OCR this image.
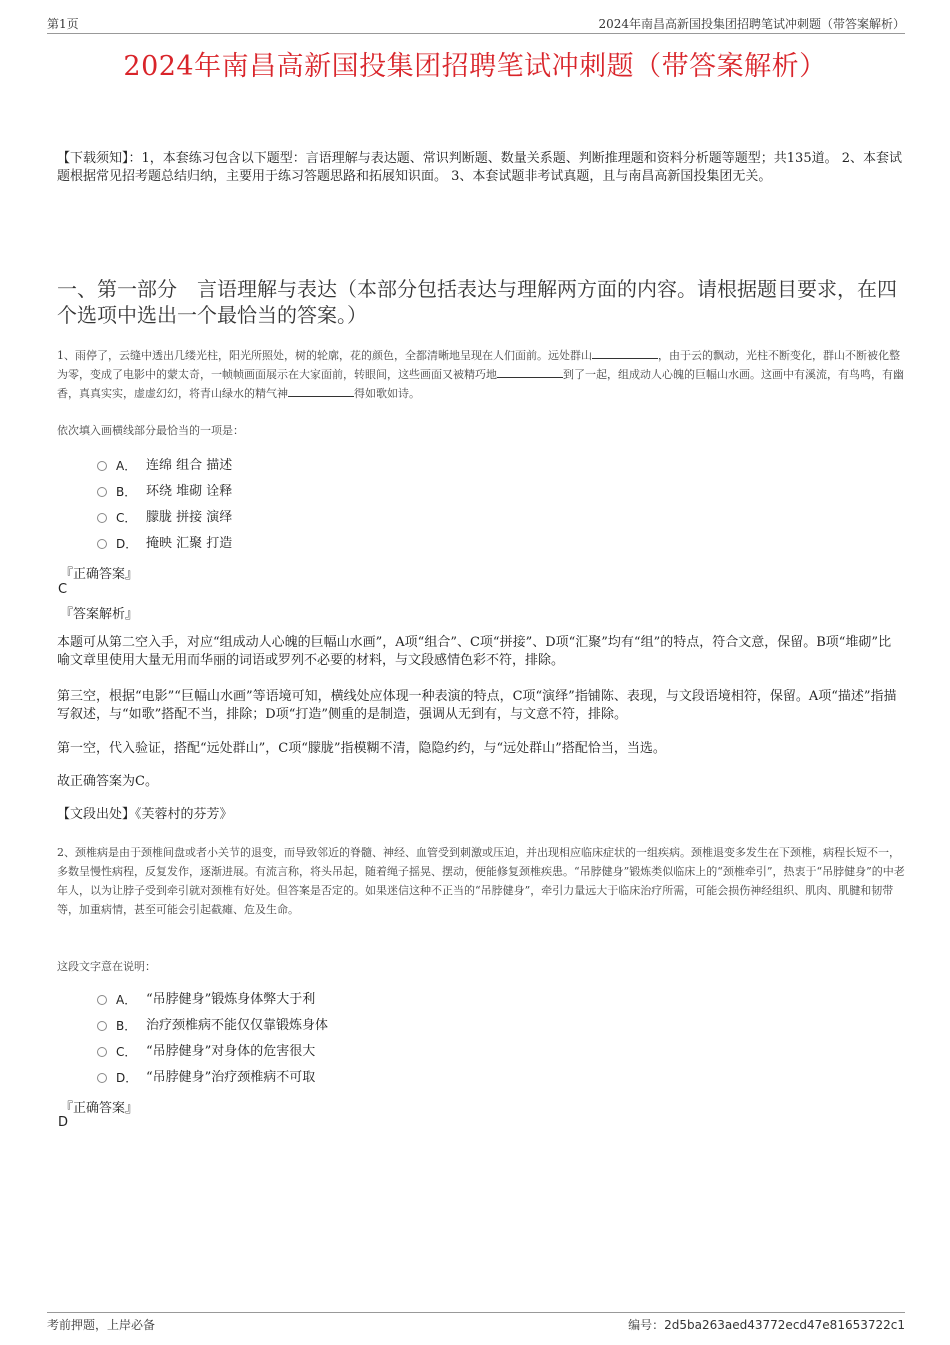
第1页	2024年南昌高新国投集团招聘笔试冲刺题（带答案解析）
2024年南昌高新国投集团招聘笔试冲刺题（带答案解析）
【下载须知】：1，本套练习包含以下题型：言语理解与表达题、常识判断题、数量关系题、判断推理题和资料分析题等题型；共135道。 2、本套试题根据常见招考题总结归纳，主要用于练习答题思路和拓展知识面。 3、本套试题非考试真题，且与南昌高新国投集团无关。
一、第一部分　言语理解与表达（本部分包括表达与理解两方面的内容。请根据题目要求，在四个选项中选出一个最恰当的答案。）

1、雨停了，云缝中透出几缕光柱，阳光所照处，树的轮廓，花的颜色，全都清晰地呈现在人们面前。远处群山	，由于云的飘动，光柱不断变化，群山不断被化整为零，变成了电影中的蒙太奇，一帧帧画面展示在大家面前，转眼间，这些画面又被精巧地	到了一起，组成动人心魄的巨幅山水画。这画中有溪流，有鸟鸣，有幽香，真真实实，虚虚幻幻，将青山绿水的精气神	得如歌如诗。

依次填入画横线部分最恰当的一项是：
A． 连绵 组合 描述
B． 环绕 堆砌 诠释
C． 朦胧 拼接 演绎
D． 掩映 汇聚 打造
『正确答案』
C
『答案解析』
本题可从第二空入手，对应“组成动人心魄的巨幅山水画”，A项“组合”、C项“拼接”、D项“汇聚”均有“组”的特点，符合文意，保留。B项“堆砌”比喻文章里使用大量无用而华丽的词语或罗列不必要的材料，与文段感情色彩不符，排除。
第三空，根据“电影”“巨幅山水画”等语境可知，横线处应体现一种表演的特点，C项“演绎”指铺陈、表现，与文段语境相符，保留。A项“描述”指描写叙述，与“如歌”搭配不当，排除；D项“打造”侧重的是制造，强调从无到有，与文意不符，排除。
第一空，代入验证，搭配“远处群山”，C项“朦胧”指模糊不清，隐隐约约，与“远处群山”搭配恰当，当选。
故正确答案为C。
【文段出处】《芙蓉村的芬芳》
2、颈椎病是由于颈椎间盘或者小关节的退变，而导致邻近的脊髓、神经、血管受到刺激或压迫，并出现相应临床症状的一组疾病。颈椎退变多发生在下颈椎，病程长短不一，多数呈慢性病程，反复发作，逐渐进展。有流言称，将头吊起，随着绳子摇晃、摆动，便能修复颈椎疾患。“吊脖健身”锻炼类似临床上的“颈椎牵引”，热衷于“吊脖健身”的中老年人，以为让脖子受到牵引就对颈椎有好处。但答案是否定的。如果迷信这种不正当的“吊脖健身”，牵引力量远大于临床治疗所需，可能会损伤神经组织、肌肉、肌腱和韧带等，加重病情，甚至可能会引起截瘫、危及生命。
这段文字意在说明：
A． “吊脖健身”锻炼身体弊大于利
B． 治疗颈椎病不能仅仅靠锻炼身体
C． “吊脖健身”对身体的危害很大
D． “吊脖健身”治疗颈椎病不可取
『正确答案』
D
考前押题，上岸必备	编号：2d5ba263aed43772ecd47e81653722c1
